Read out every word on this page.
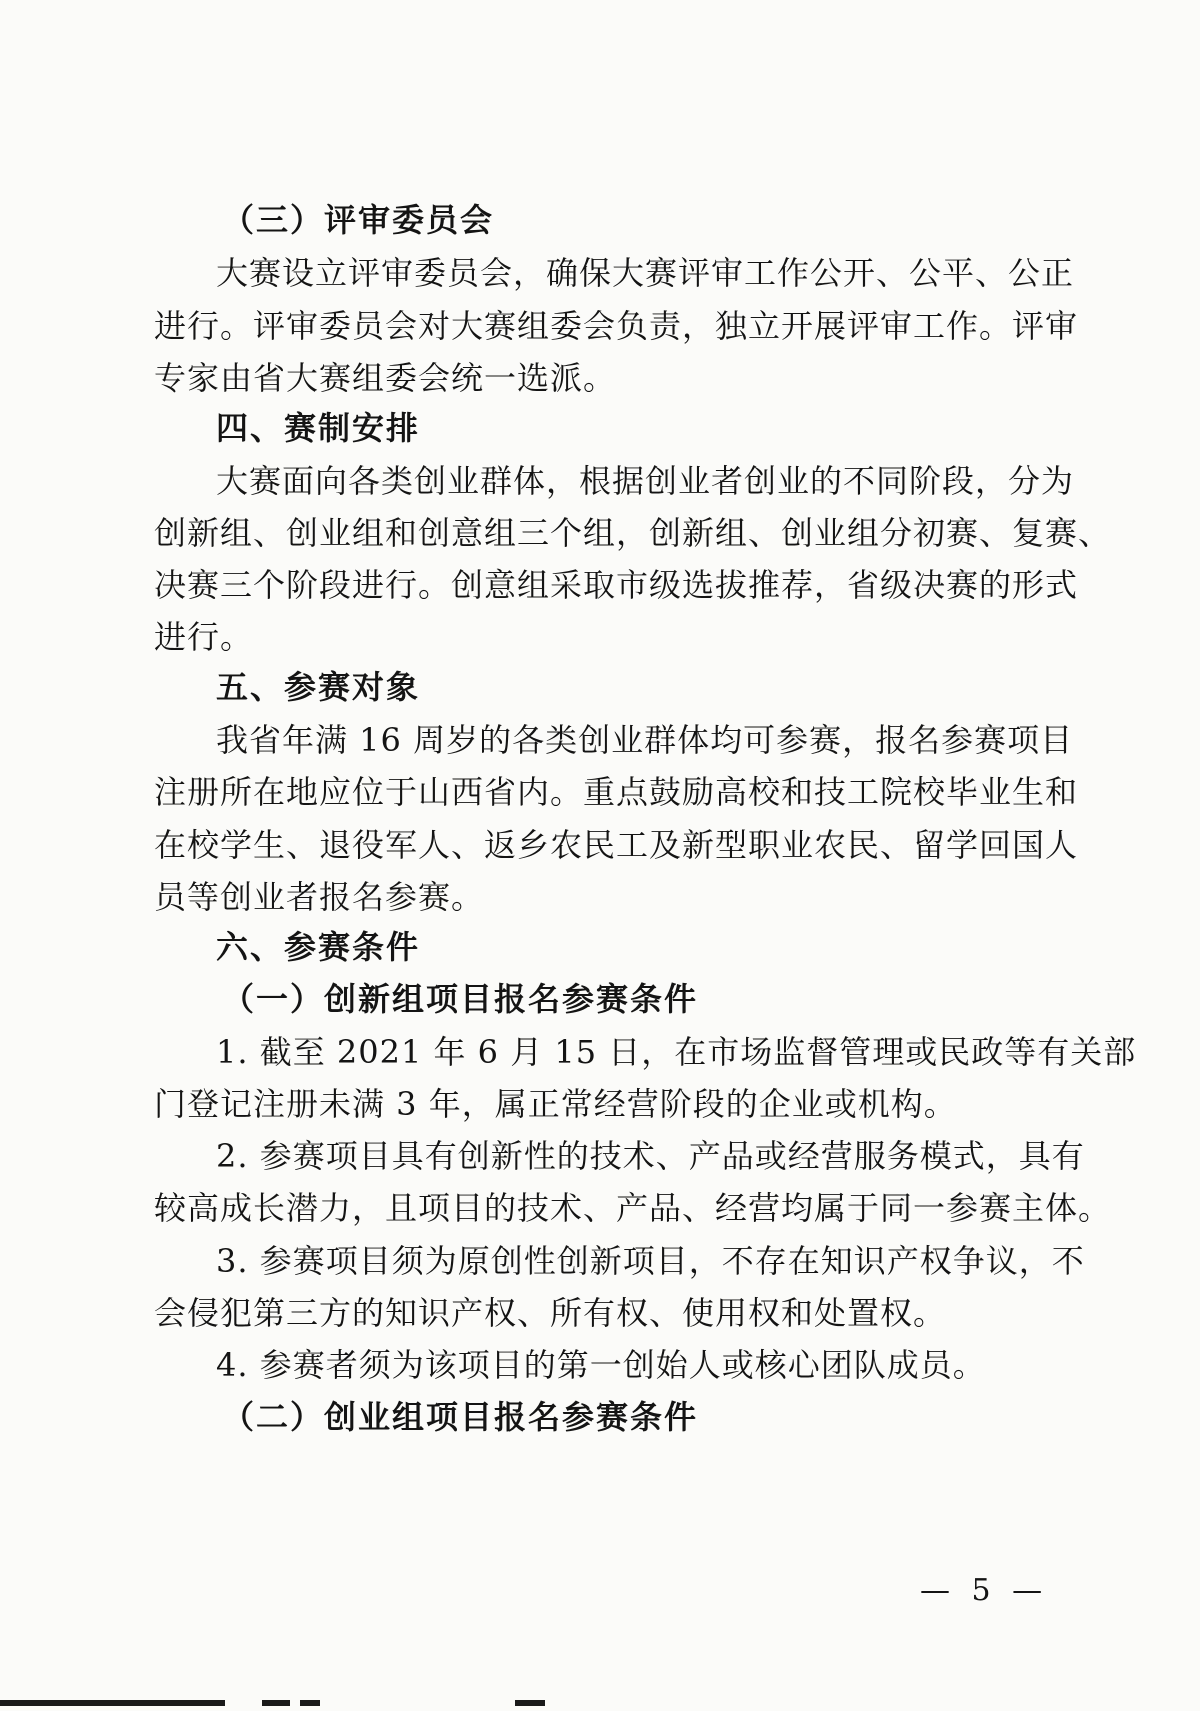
（三）评审委员会
大赛设立评审委员会，确保大赛评审工作公开、公平、公正
进行。评审委员会对大赛组委会负责，独立开展评审工作。评审
专家由省大赛组委会统一选派。
四、赛制安排
大赛面向各类创业群体，根据创业者创业的不同阶段，分为
创新组、创业组和创意组三个组，创新组、创业组分初赛、复赛、
决赛三个阶段进行。创意组采取市级选拔推荐，省级决赛的形式
进行。
五、参赛对象
我省年满 16 周岁的各类创业群体均可参赛，报名参赛项目
注册所在地应位于山西省内。重点鼓励高校和技工院校毕业生和
在校学生、退役军人、返乡农民工及新型职业农民、留学回国人
员等创业者报名参赛。
六、参赛条件
（一）创新组项目报名参赛条件
1. 截至 2021 年 6 月 15 日，在市场监督管理或民政等有关部
门登记注册未满 3 年，属正常经营阶段的企业或机构。
2. 参赛项目具有创新性的技术、产品或经营服务模式，具有
较高成长潜力，且项目的技术、产品、经营均属于同一参赛主体。
3. 参赛项目须为原创性创新项目，不存在知识产权争议，不
会侵犯第三方的知识产权、所有权、使用权和处置权。
4. 参赛者须为该项目的第一创始人或核心团队成员。
（二）创业组项目报名参赛条件
— 5 —
